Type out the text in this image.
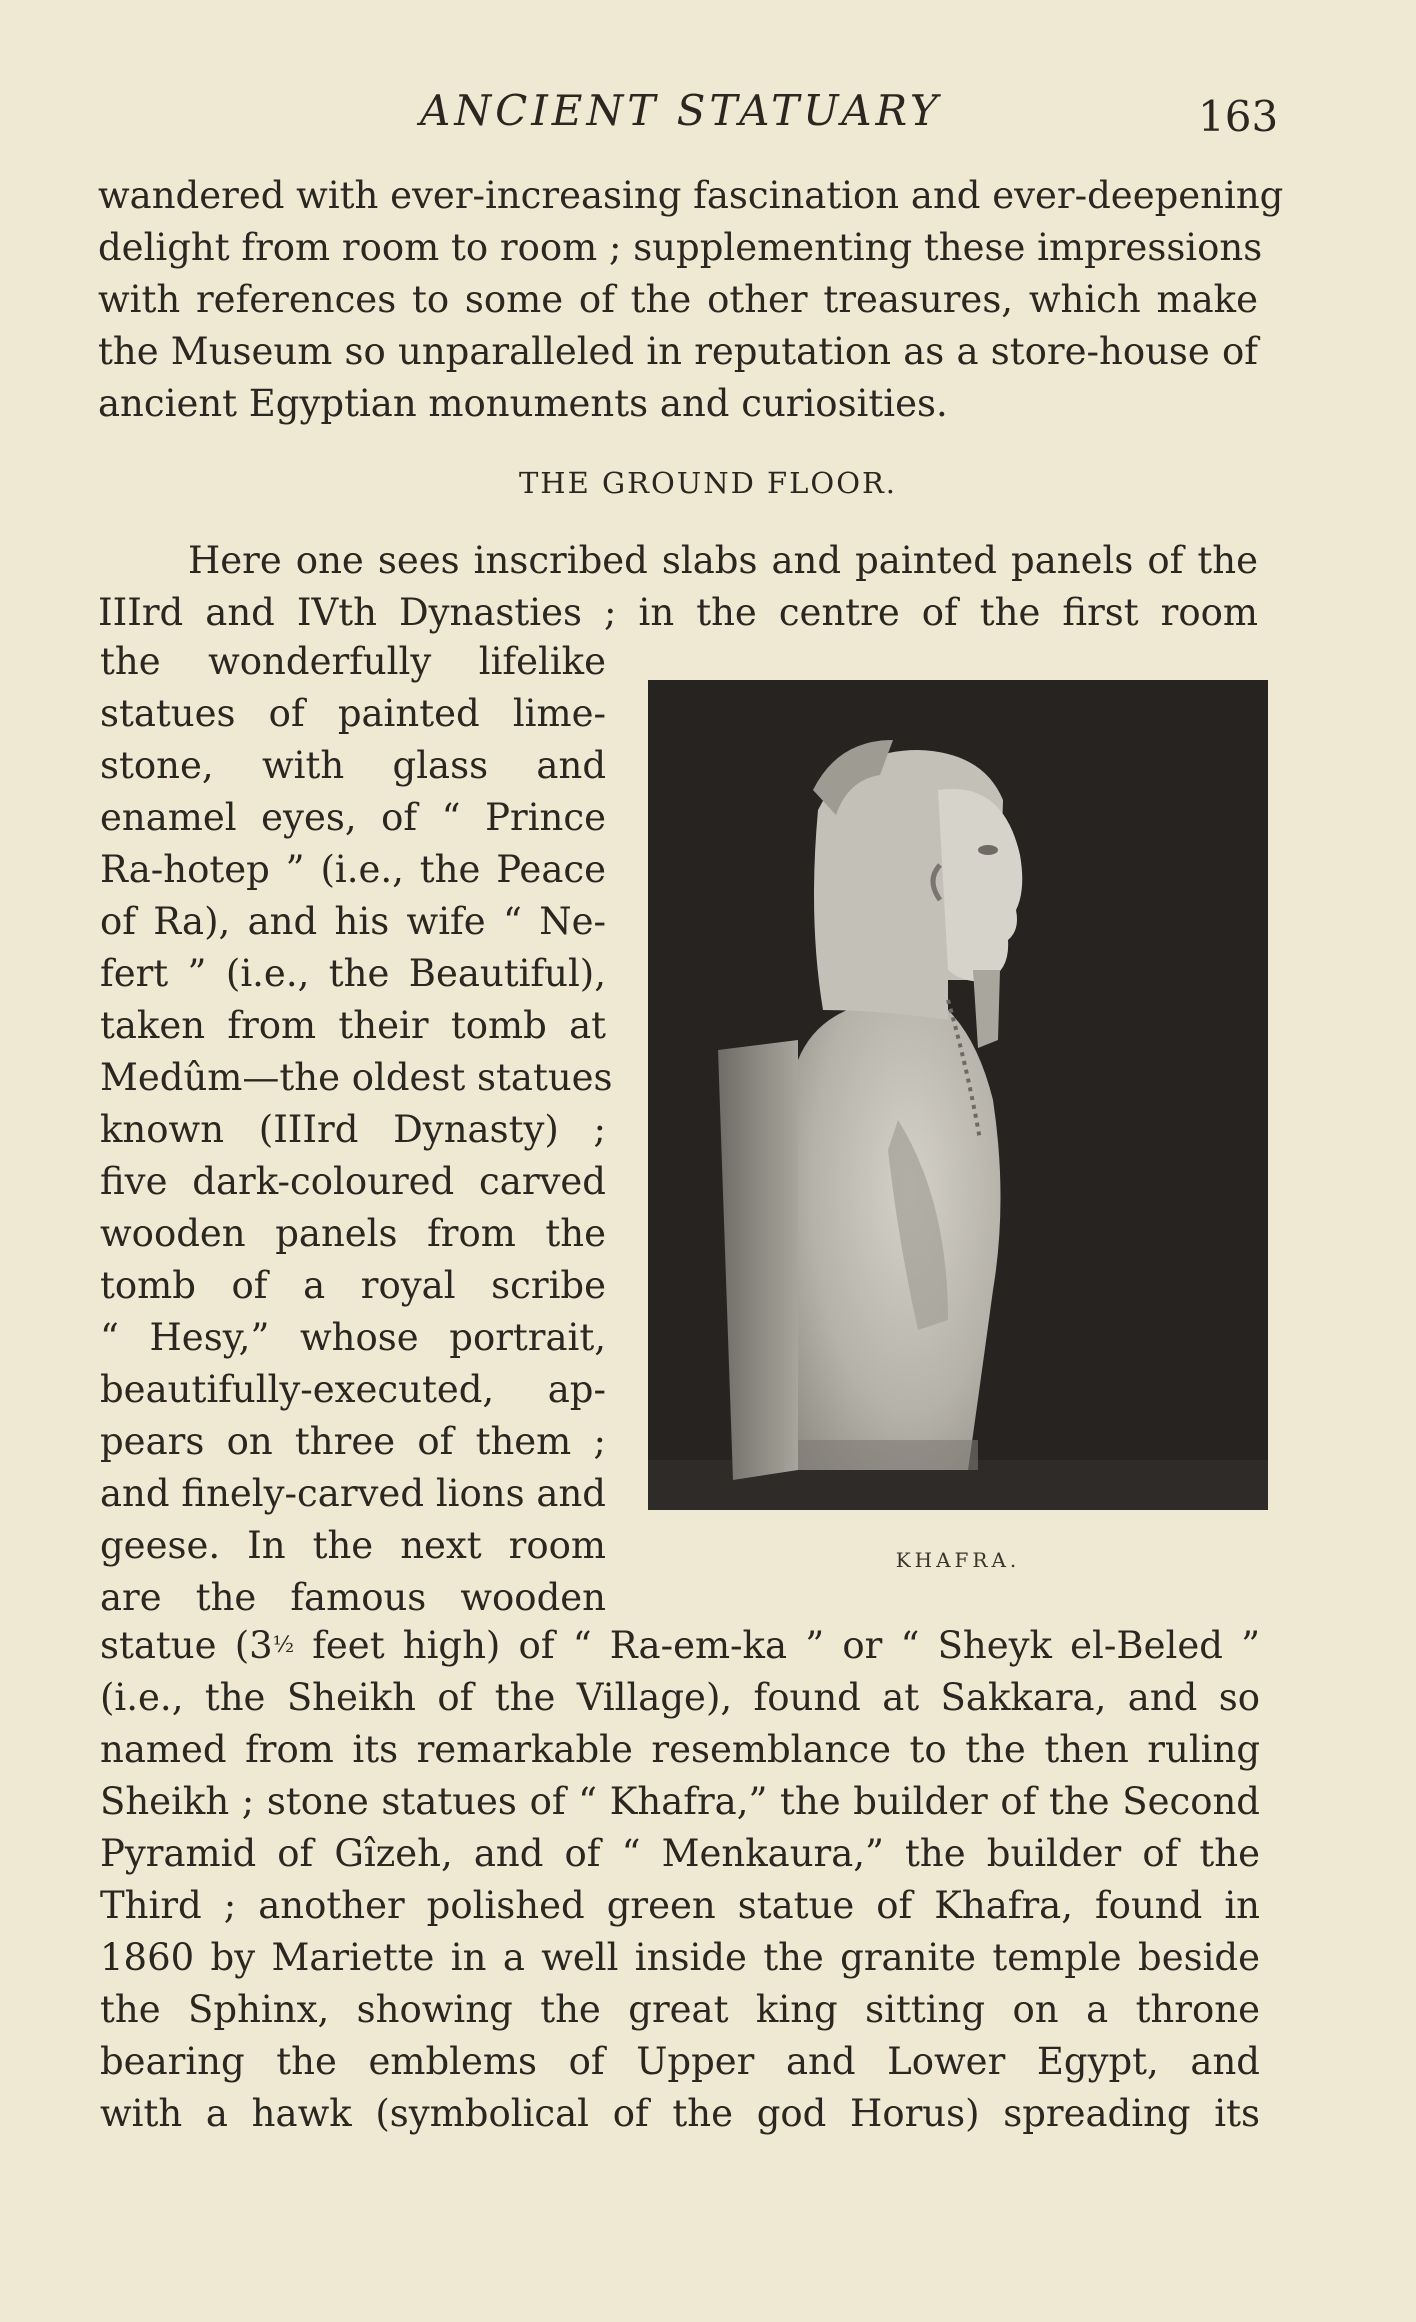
ANCIENT STATUARY	163
wandered with ever-increasing fascination and ever-deepening
delight from room to room ; supplementing these impressions
with references to some of the other treasures, which make
the Museum so unparalleled in reputation as a store-house of
ancient Egyptian monuments and curiosities.
THE GROUND FLOOR.
Here one sees inscribed slabs and painted panels of the
IIIrd and IVth Dynasties ; in the centre of the first room
the wonderfully lifelike
statues of painted lime-
stone, with glass and
enamel eyes, of “ Prince
Ra-hotep ” (i.e., the Peace
of Ra), and his wife “ Ne-
fert ” (i.e., the Beautiful),
taken from their tomb at
Medûm—the oldest statues
known (IIIrd Dynasty) ;
five dark-coloured carved
wooden panels from the
tomb of a royal scribe
“ Hesy,” whose portrait,
beautifully-executed, ap-
pears on three of them ;
and finely-carved lions and
geese. In the next room
are the famous wooden
KHAFRA.
statue (3½ feet high) of “ Ra-em-ka ” or “ Sheyk el-Beled ”
(i.e., the Sheikh of the Village), found at Sakkara, and so
named from its remarkable resemblance to the then ruling
Sheikh ; stone statues of “ Khafra,” the builder of the Second
Pyramid of Gîzeh, and of “ Menkaura,” the builder of the
Third ; another polished green statue of Khafra, found in
1860 by Mariette in a well inside the granite temple beside
the Sphinx, showing the great king sitting on a throne
bearing the emblems of Upper and Lower Egypt, and
with a hawk (symbolical of the god Horus) spreading its
